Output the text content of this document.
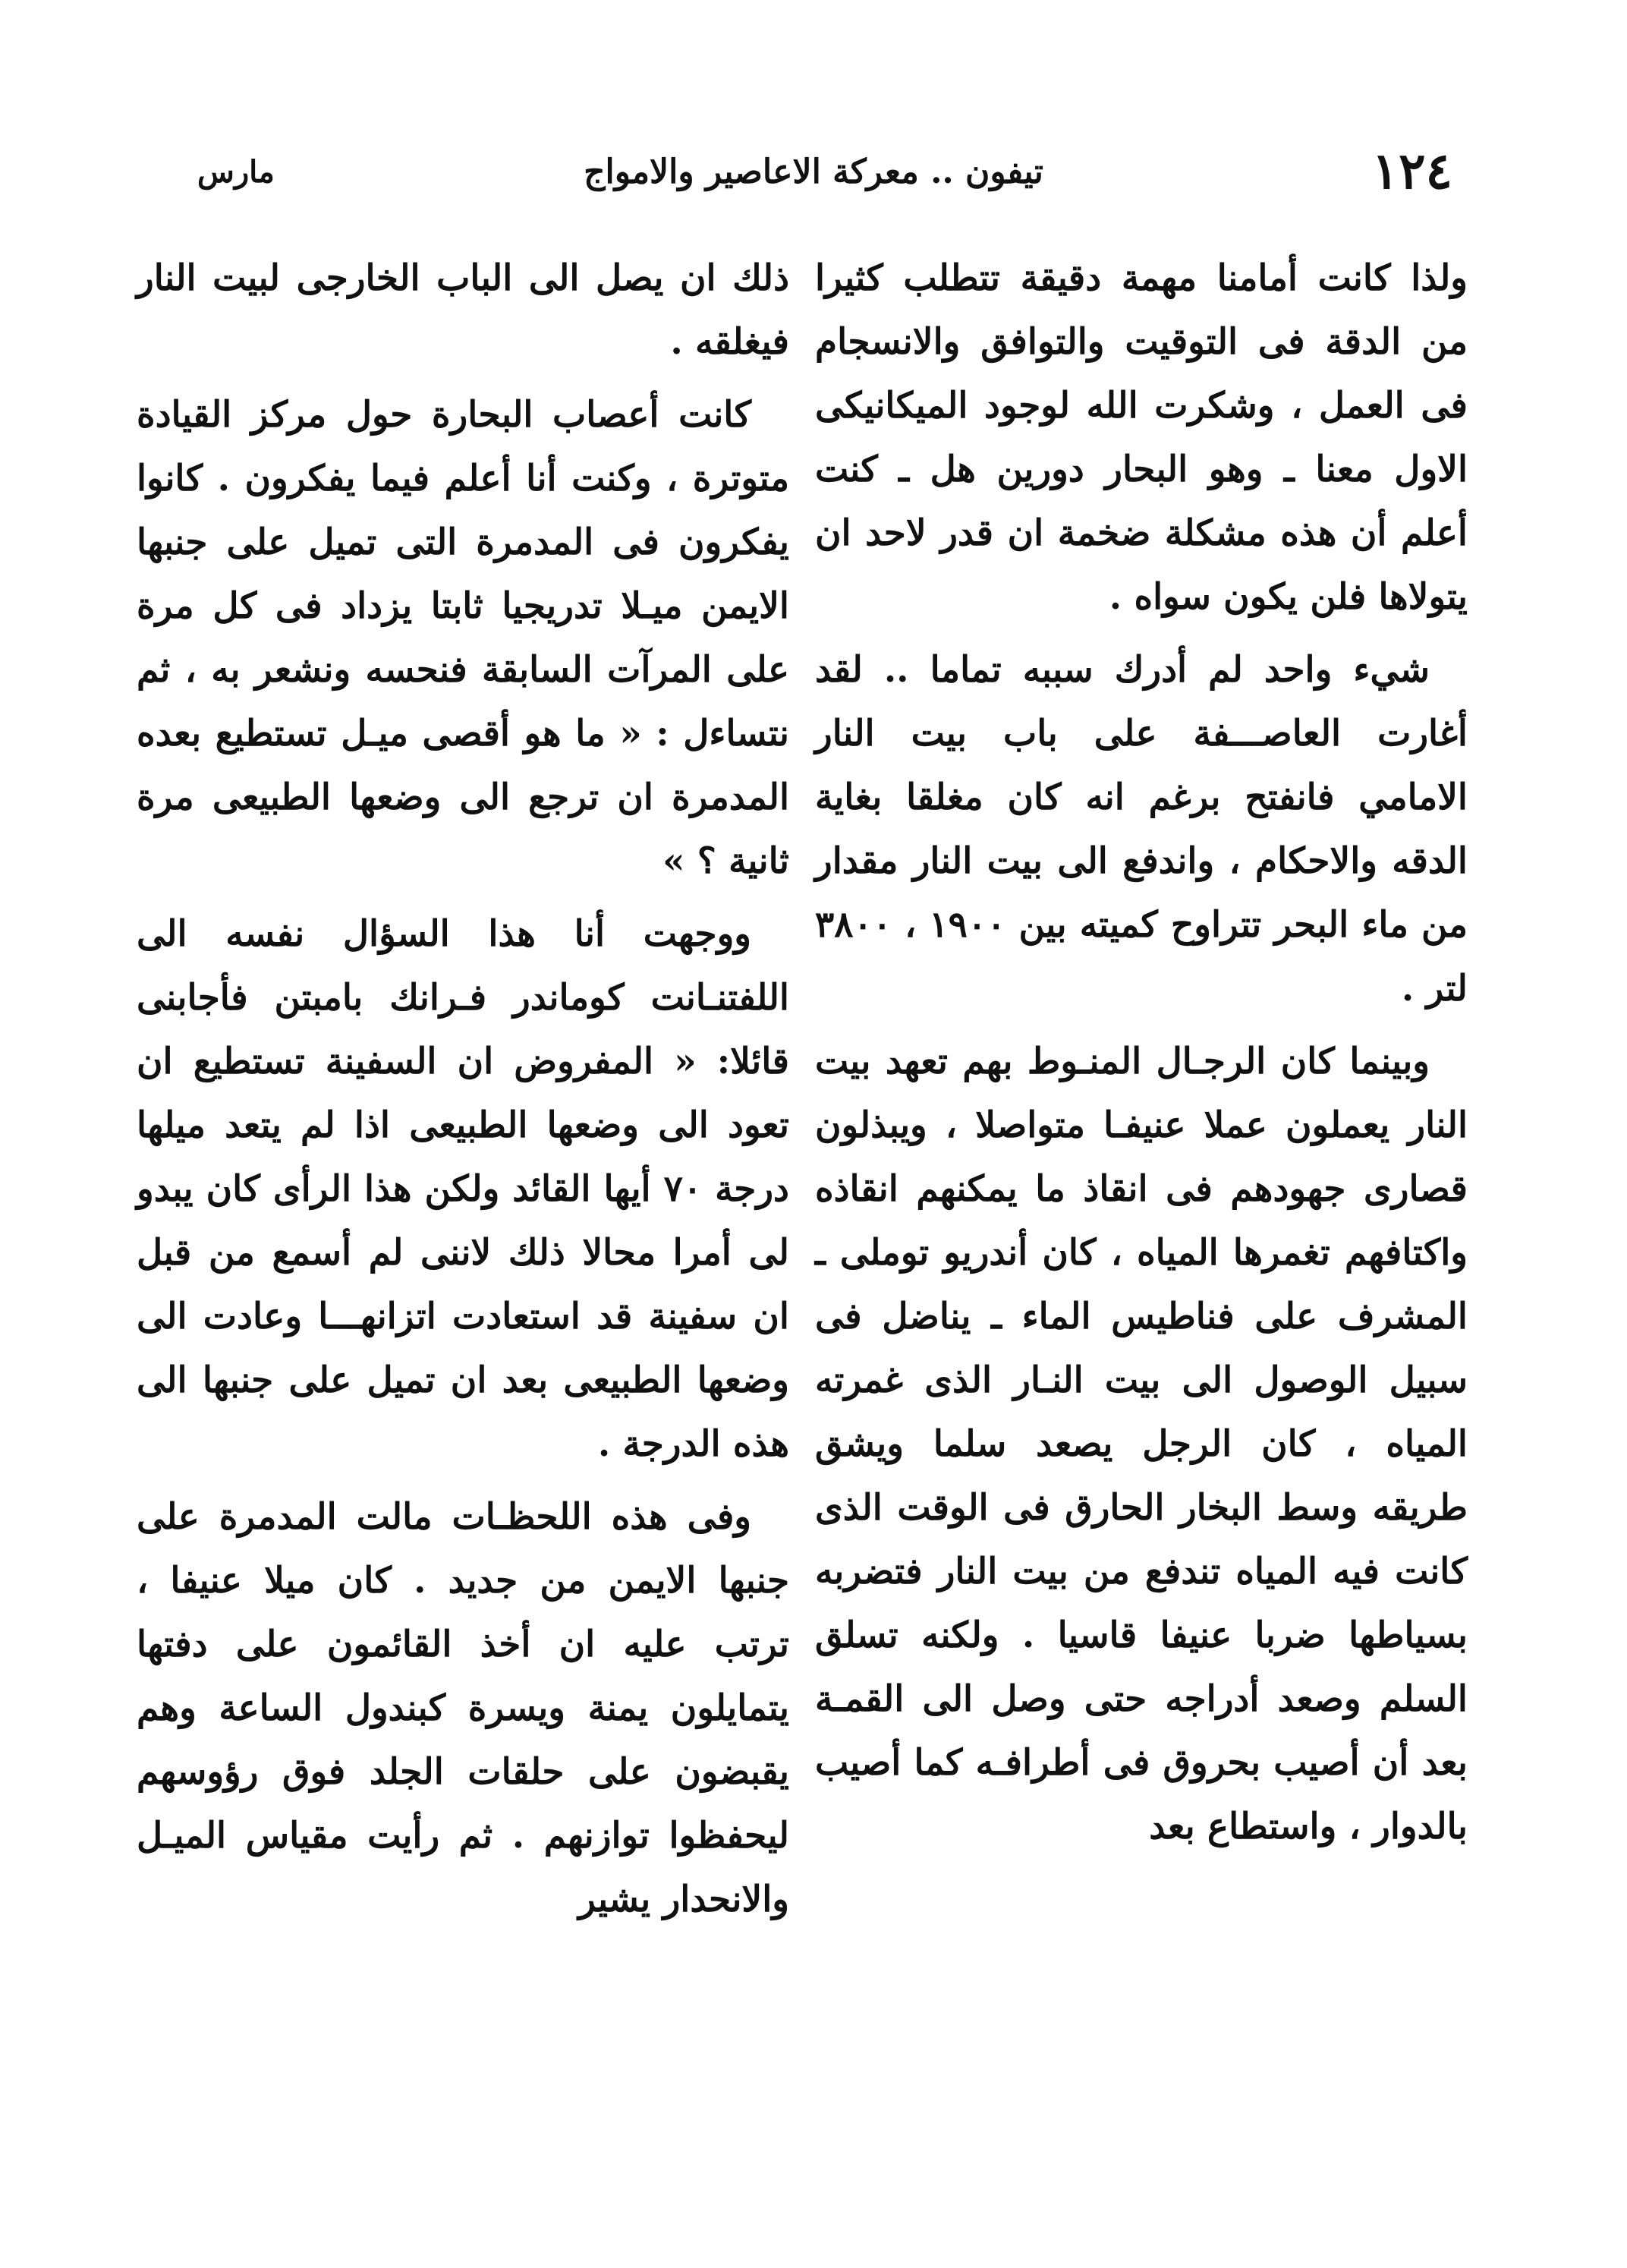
١٢٤
تيفون .. معركة الاعاصير والامواج
مارس

ولذا كانت أمامنا مهمة دقيقة تتطلب كثيرا من الدقة فى التوقيت والتوافق والانسجام فى العمل ، وشكرت الله لوجود الميكانيكى الاول معنا ـ وهو البحار دورين هل ـ كنت أعلم أن هذه مشكلة ضخمة ان قدر لاحد ان يتولاها فلن يكون سواه .

شيء واحد لم أدرك سببه تماما .. لقد أغارت العاصـــفة على باب بيت النار الامامي فانفتح برغم انه كان مغلقا بغاية الدقه والاحكام ، واندفع الى بيت النار مقدار من ماء البحر تتراوح كميته بين ١٩٠٠ ، ٣٨٠٠ لتر .

وبينما كان الرجـال المنـوط بهم تعهد بيت النار يعملون عملا عنيفـا متواصلا ، ويبذلون قصارى جهودهم فى انقاذ ما يمكنهم انقاذه واكتافهم تغمرها المياه ، كان أندريو توملى ـ المشرف على فناطيس الماء ـ يناضل فى سبيل الوصول الى بيت النـار الذى غمرته المياه ، كان الرجل يصعد سلما ويشق طريقه وسط البخار الحارق فى الوقت الذى كانت فيه المياه تندفع من بيت النار فتضربه بسياطها ضربا عنيفا قاسيا . ولكنه تسلق السلم وصعد أدراجه حتى وصل الى القمـة بعد أن أصيب بحروق فى أطرافـه كما أصيب بالدوار ، واستطاع بعد

ذلك ان يصل الى الباب الخارجى لبيت النار فيغلقه .

كانت أعصاب البحارة حول مركز القيادة متوترة ، وكنت أنا أعلم فيما يفكرون . كانوا يفكرون فى المدمرة التى تميل على جنبها الايمن ميـلا تدريجيا ثابتا يزداد فى كل مرة على المرآت السابقة فنحسه ونشعر به ، ثم نتساءل : « ما هو أقصى ميـل تستطيع بعده المدمرة ان ترجع الى وضعها الطبيعى مرة ثانية ؟ »

ووجهت أنا هذا السؤال نفسه الى اللفتنـانت كوماندر فـرانك بامبتن فأجابنى قائلا: « المفروض ان السفينة تستطيع ان تعود الى وضعها الطبيعى اذا لم يتعد ميلها درجة ٧٠ أيها القائد ولكن هذا الرأى كان يبدو لى أمرا محالا ذلك لاننى لم أسمع من قبل ان سفينة قد استعادت اتزانهـــا وعادت الى وضعها الطبيعى بعد ان تميل على جنبها الى هذه الدرجة .

وفى هذه اللحظـات مالت المدمرة على جنبها الايمن من جديد . كان ميلا عنيفا ، ترتب عليه ان أخذ القائمون على دفتها يتمايلون يمنة ويسرة كبندول الساعة وهم يقبضون على حلقات الجلد فوق رؤوسهم ليحفظوا توازنهم . ثم رأيت مقياس الميـل والانحدار يشير
